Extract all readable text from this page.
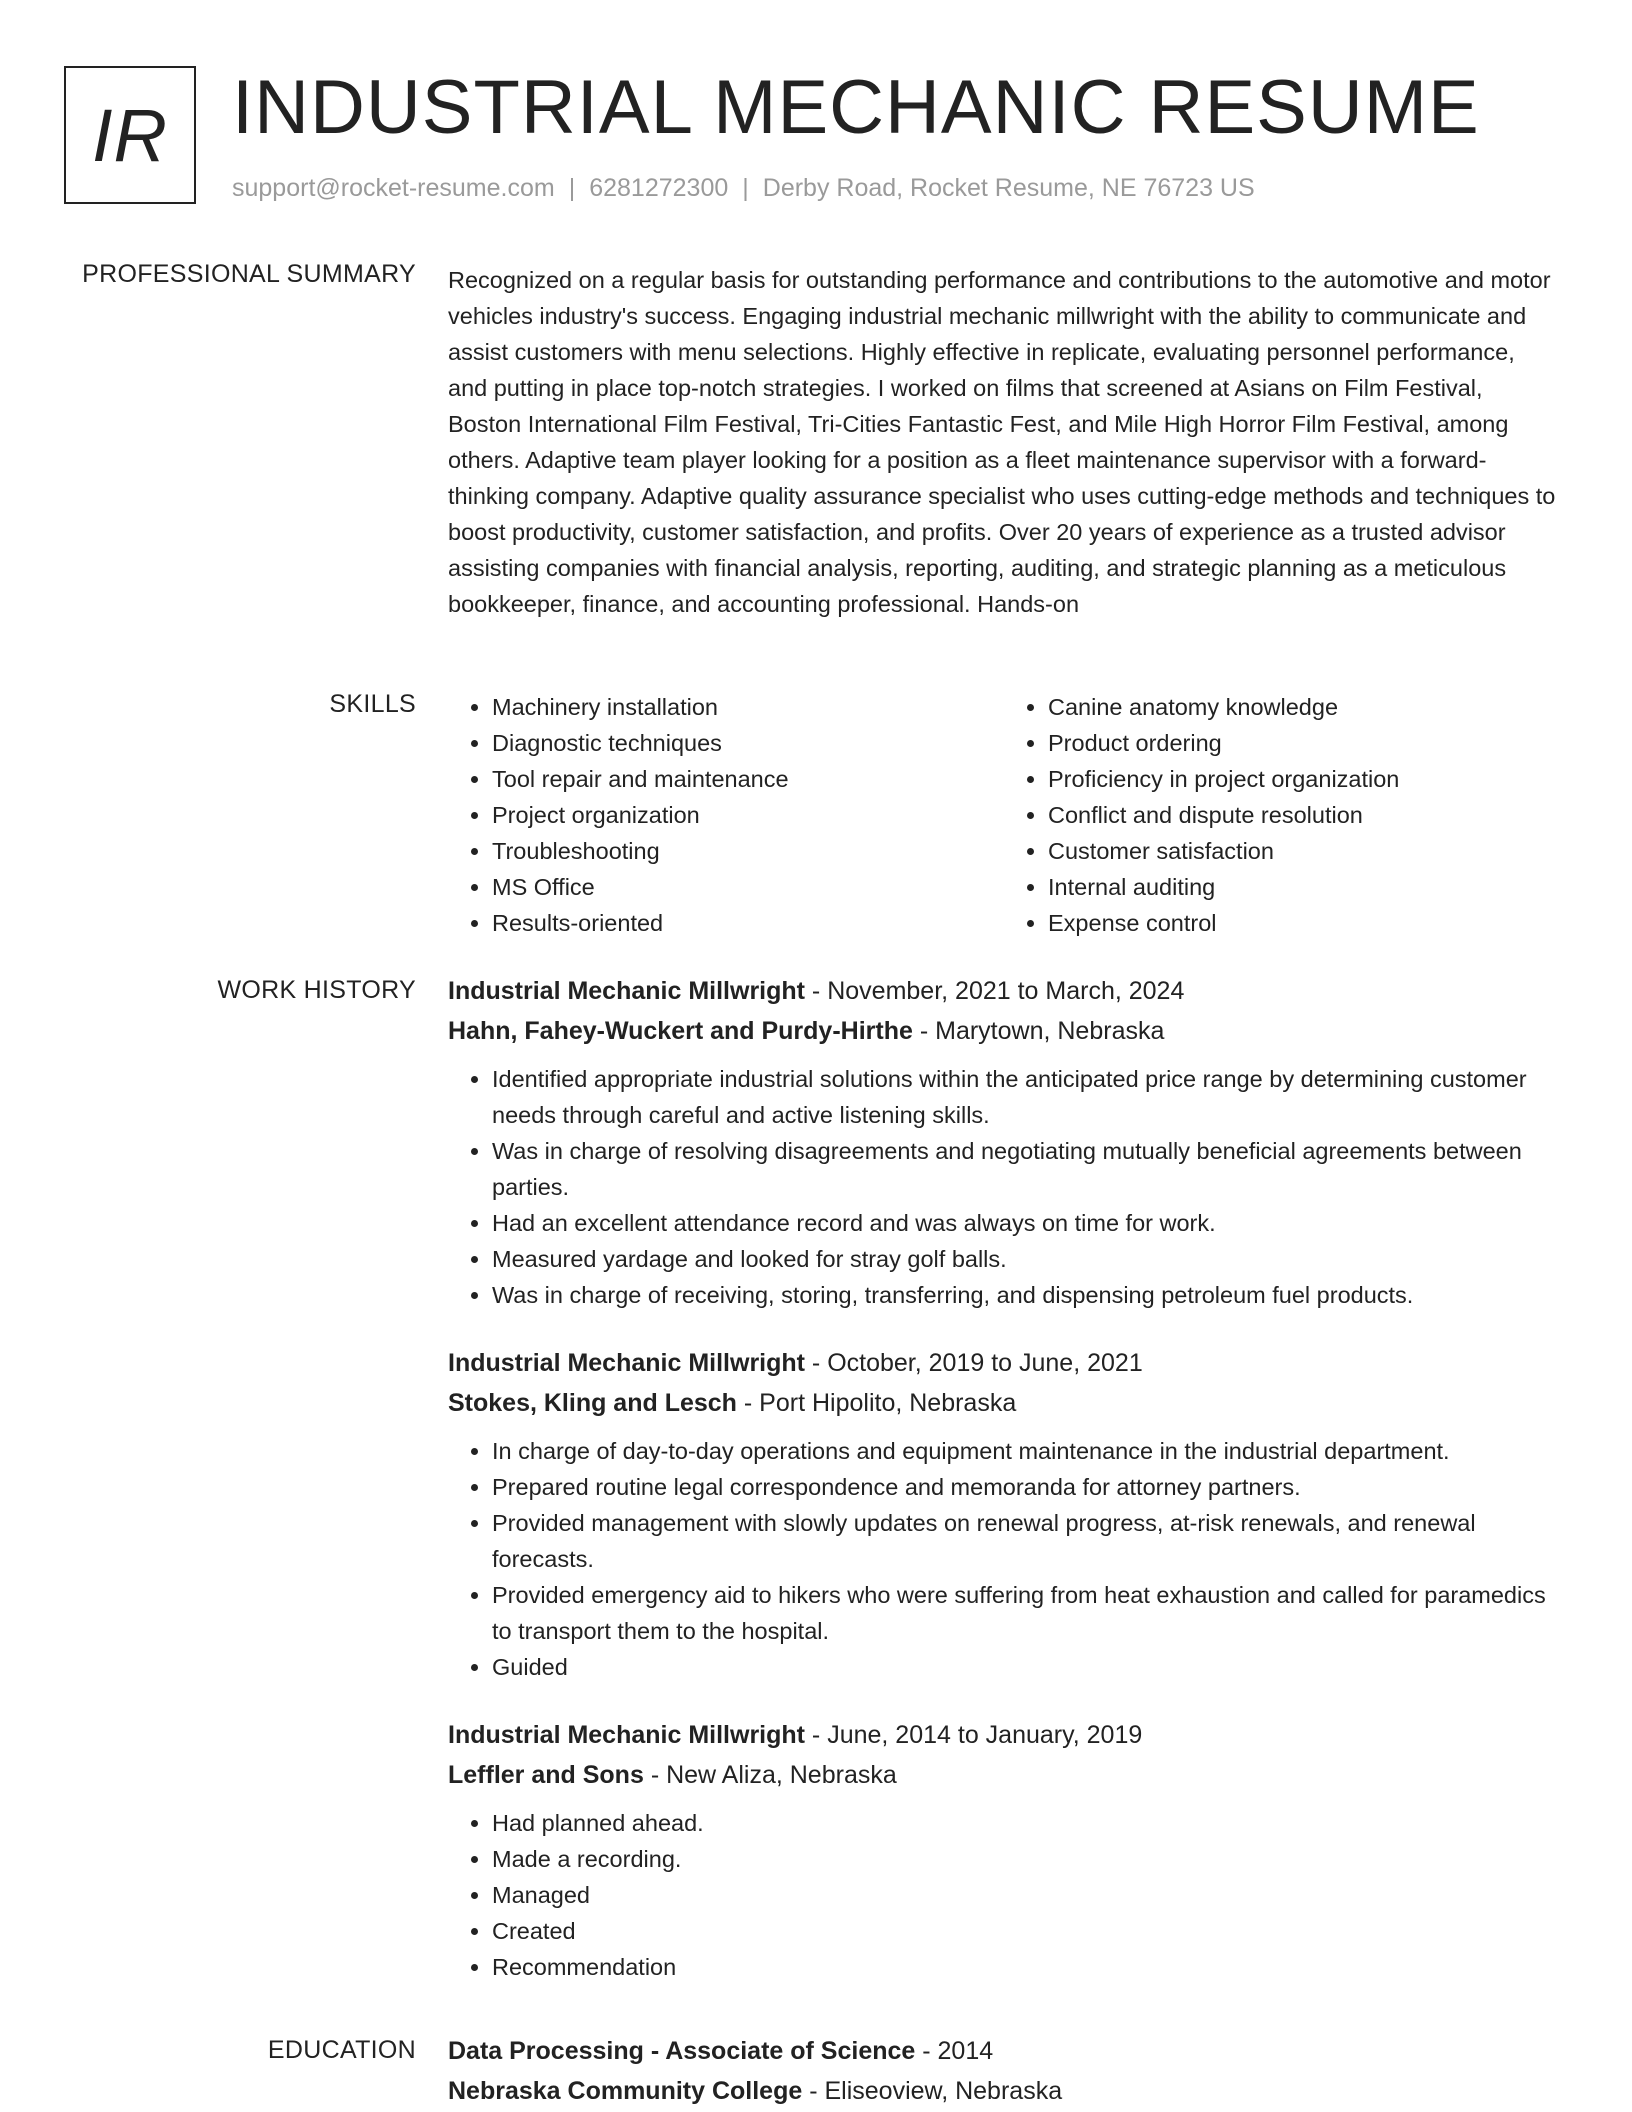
IR INDUSTRIAL MECHANIC RESUME
support@rocket-resume.com | 6281272300 | Derby Road, Rocket Resume, NE 76723 US
PROFESSIONAL SUMMARY Recognized on a regular basis for outstanding performance and contributions to the automotive and motor vehicles industry's success. Engaging industrial mechanic millwright with the ability to communicate and assist customers with menu selections. Highly effective in replicate, evaluating personnel performance, and putting in place top-notch strategies. I worked on films that screened at Asians on Film Festival, Boston International Film Festival, Tri-Cities Fantastic Fest, and Mile High Horror Film Festival, among others. Adaptive team player looking for a position as a fleet maintenance supervisor with a forward-thinking company. Adaptive quality assurance specialist who uses cutting-edge methods and techniques to boost productivity, customer satisfaction, and profits. Over 20 years of experience as a trusted advisor assisting companies with financial analysis, reporting, auditing, and strategic planning as a meticulous bookkeeper, finance, and accounting professional. Hands-on

SKILLS
•	Machinery installation
• Diagnostic techniques
• Tool repair and maintenance
• Project organization
• Troubleshooting
• MS Office
• Results-oriented
• Canine anatomy knowledge
• Product ordering
• Proficiency in project organization
• Conflict and dispute resolution
• Customer satisfaction
• Internal auditing
• Expense control
WORK HISTORY Industrial Mechanic Millwright - November, 2021 to March, 2024
Hahn, Fahey-Wuckert and Purdy-Hirthe - Marytown, Nebraska
• Identified appropriate industrial solutions within the anticipated price range by determining customer needs through careful and active listening skills.
• Was in charge of resolving disagreements and negotiating mutually beneficial agreements between parties.
• Had an excellent attendance record and was always on time for work.
• Measured yardage and looked for stray golf balls.
• Was in charge of receiving, storing, transferring, and dispensing petroleum fuel products.
Industrial Mechanic Millwright - October, 2019 to June, 2021
Stokes, Kling and Lesch - Port Hipolito, Nebraska
• In charge of day-to-day operations and equipment maintenance in the industrial department.
• Prepared routine legal correspondence and memoranda for attorney partners.
• Provided management with slowly updates on renewal progress, at-risk renewals, and renewal forecasts.
• Provided emergency aid to hikers who were suffering from heat exhaustion and called for paramedics to transport them to the hospital.
• Guided
Industrial Mechanic Millwright - June, 2014 to January, 2019
Leffler and Sons - New Aliza, Nebraska
• Had planned ahead.
• Made a recording.
• Managed
• Created
• Recommendation
EDUCATION Data Processing - Associate of Science - 2014
Nebraska Community College - Eliseoview, Nebraska
